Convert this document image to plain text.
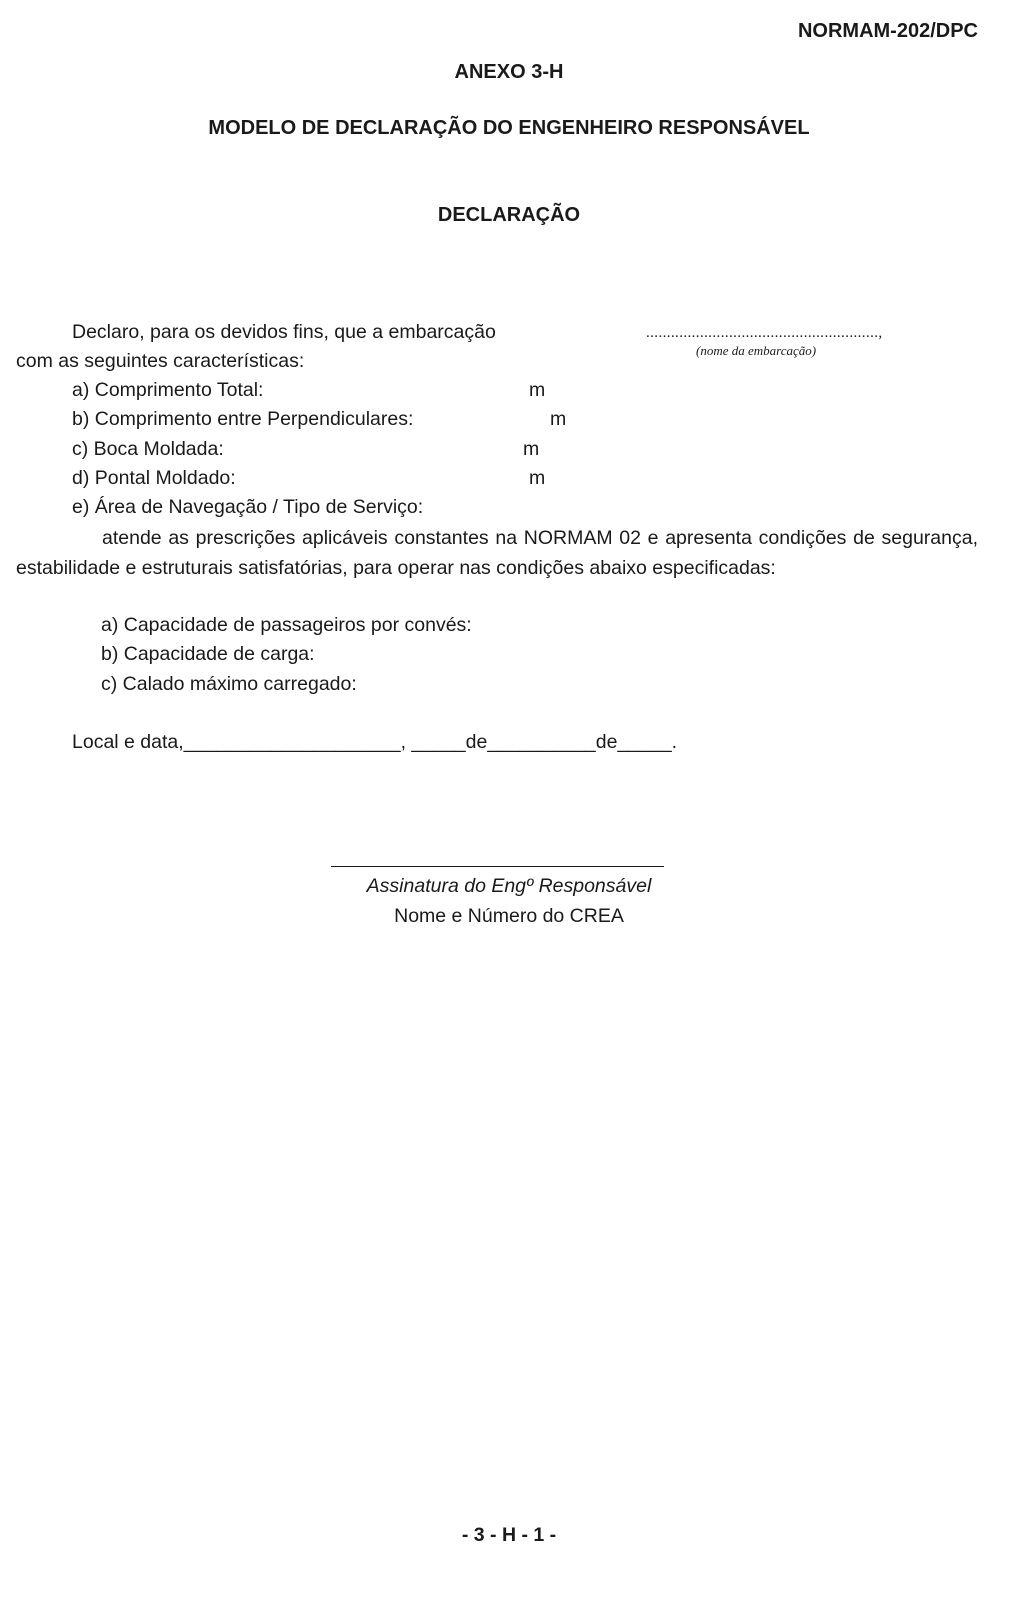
NORMAM-202/DPC
ANEXO 3-H
MODELO DE DECLARAÇÃO DO ENGENHEIRO RESPONSÁVEL
DECLARAÇÃO
Declaro, para os devidos fins, que a embarcação	........................................................,
(nome da embarcação)
com as seguintes características:
a) Comprimento Total:	m
b) Comprimento entre Perpendiculares:	m
c) Boca Moldada:	m
d) Pontal Moldado:	m
e) Área de Navegação / Tipo de Serviço:
atende as prescrições aplicáveis constantes na NORMAM 02 e apresenta condições de segurança, estabilidade e estruturais satisfatórias, para operar nas condições abaixo especificadas:
a) Capacidade de passageiros por convés:
b) Capacidade de carga:
c) Calado máximo carregado:
Local e data,____________________, _____de__________de_____.
Assinatura do Engº Responsável
Nome e Número do CREA
- 3 - H - 1 -
